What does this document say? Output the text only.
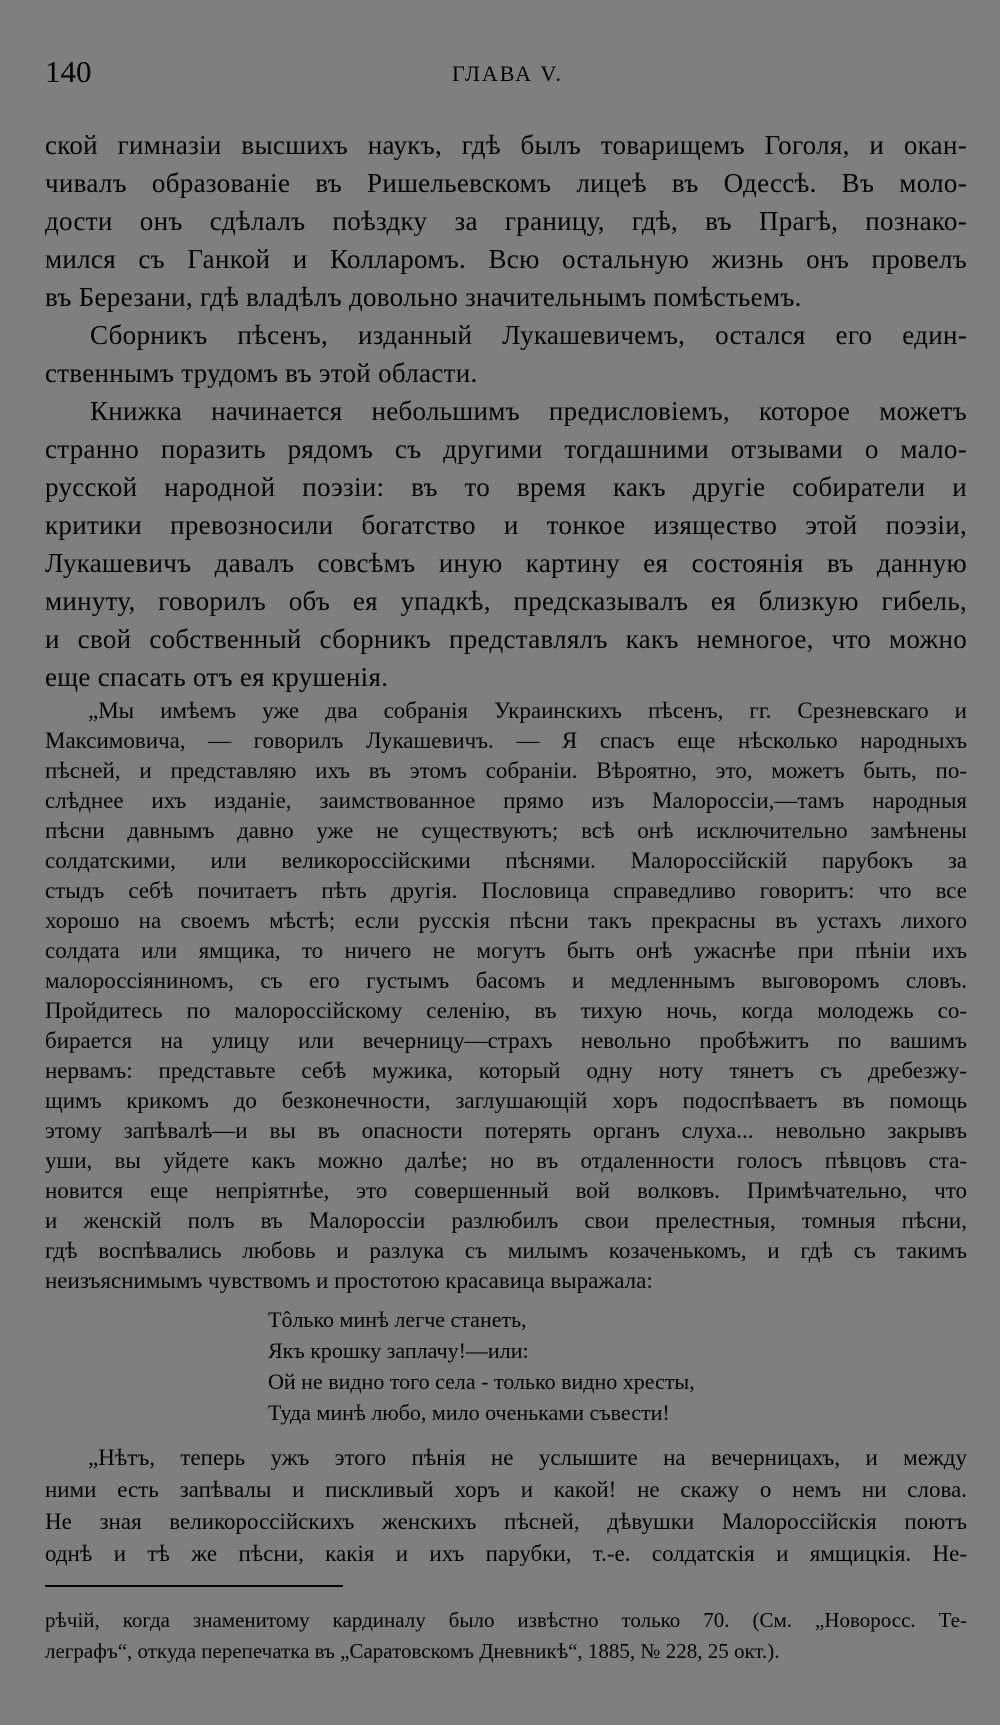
140	ГЛАВА V.
ской гимназіи высшихъ наукъ, гдѣ былъ товарищемъ Гоголя, и окан-
чивалъ образованіе въ Ришельевскомъ лицеѣ въ Одессѣ. Въ моло-
дости онъ сдѣлалъ поѣздку за границу, гдѣ, въ Прагѣ, познако-
мился съ Ганкой и Колларомъ. Всю остальную жизнь онъ провелъ
въ Березани, гдѣ владѣлъ довольно значительнымъ помѣстьемъ.
Сборникъ пѣсенъ, изданный Лукашевичемъ, остался его един-
ственнымъ трудомъ въ этой области.
Книжка начинается небольшимъ предисловіемъ, которое можетъ
странно поразить рядомъ съ другими тогдашними отзывами о мало-
русской народной поэзіи: въ то время какъ другіе собиратели и
критики превозносили богатство и тонкое изящество этой поэзіи,
Лукашевичъ давалъ совсѣмъ иную картину ея состоянія въ данную
минуту, говорилъ объ ея упадкѣ, предсказывалъ ея близкую гибель,
и свой собственный сборникъ представлялъ какъ немногое, что можно
еще спасать отъ ея крушенія.
„Мы имѣемъ уже два собранія Украинскихъ пѣсенъ, гг. Срезневскаго и
Максимовича, — говорилъ Лукашевичъ. — Я спасъ еще нѣсколько народныхъ
пѣсней, и представляю ихъ въ этомъ собраніи. Вѣроятно, это, можетъ быть, по-
слѣднее ихъ изданіе, заимствованное прямо изъ Малороссіи,—тамъ народныя
пѣсни давнымъ давно уже не существуютъ; всѣ онѣ исключительно замѣнены
солдатскими, или великороссійскими пѣснями. Малороссійскій парубокъ за
стыдъ себѣ почитаетъ пѣть другія. Пословица справедливо говоритъ: что все
хорошо на своемъ мѣстѣ; если русскія пѣсни такъ прекрасны въ устахъ лихого
солдата или ямщика, то ничего не могутъ быть онѣ ужаснѣе при пѣніи ихъ
малороссіяниномъ, съ его густымъ басомъ и медленнымъ выговоромъ словъ.
Пройдитесь по малороссійскому селенію, въ тихую ночь, когда молодежь со-
бирается на улицу или вечерницу—страхъ невольно пробѣжитъ по вашимъ
нервамъ: представьте себѣ мужика, который одну ноту тянетъ съ дребезжу-
щимъ крикомъ до безконечности, заглушающій хоръ подоспѣваетъ въ помощь
этому запѣвалѣ—и вы въ опасности потерять органъ слуха... невольно закрывъ
уши, вы уйдете какъ можно далѣе; но въ отдаленности голосъ пѣвцовъ ста-
новится еще непріятнѣе, это совершенный вой волковъ. Примѣчательно, что
и женскій полъ въ Малороссіи разлюбилъ свои прелестныя, томныя пѣсни,
гдѣ воспѣвались любовь и разлука съ милымъ козаченькомъ, и гдѣ съ такимъ
неизъяснимымъ чувствомъ и простотою красавица выражала:
Тôлько минѣ легче станеть,
Якъ крошку заплачу!—или:
Ой не видно того села - только видно хресты,
Туда минѣ любо, мило оченьками съвести!
„Нѣтъ, теперь ужъ этого пѣнія не услышите на вечерницахъ, и между
ними есть запѣвалы и пискливый хоръ и какой! не скажу о немъ ни слова.
Не зная великороссійскихъ женскихъ пѣсней, дѣвушки Малороссійскія поютъ
однѣ и тѣ же пѣсни, какія и ихъ парубки, т.-е. солдатскія и ямщицкія. Не-
рѣчій, когда знаменитому кардиналу было извѣстно только 70. (См. „Новоросс. Те-
леграфъ“, откуда перепечатка въ „Саратовскомъ Дневникѣ“, 1885, № 228, 25 окт.).
